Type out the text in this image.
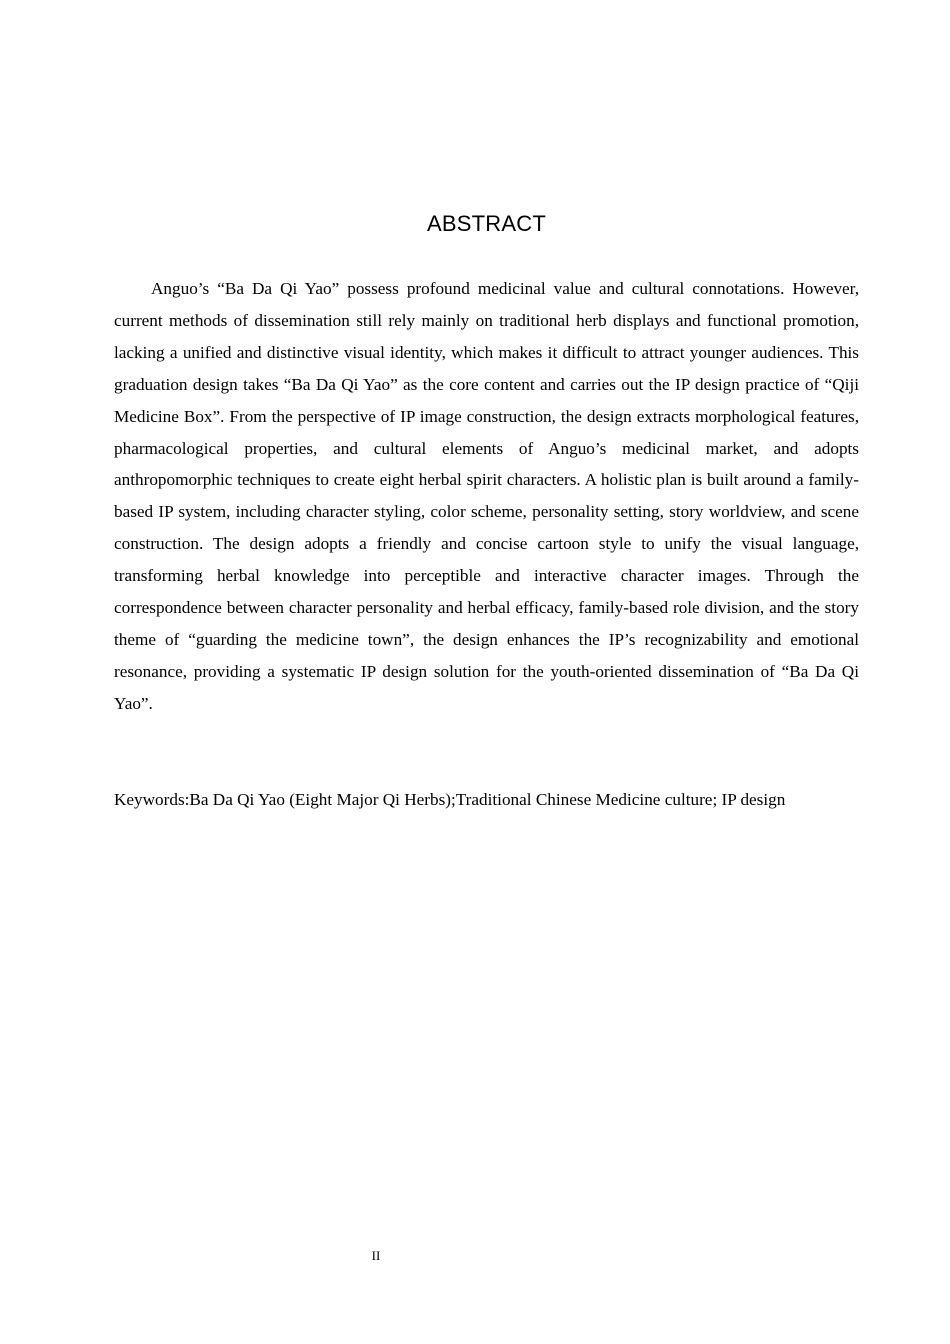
ABSTRACT

Anguo’s “Ba Da Qi Yao” possess profound medicinal value and cultural connotations. However, current methods of dissemination still rely mainly on traditional herb displays and functional promotion, lacking a unified and distinctive visual identity, which makes it difficult to attract younger audiences. This graduation design takes “Ba Da Qi Yao” as the core content and carries out the IP design practice of “Qiji Medicine Box”. From the perspective of IP image construction, the design extracts morphological features, pharmacological properties, and cultural elements of Anguo’s medicinal market, and adopts anthropomorphic techniques to create eight herbal spirit characters. A holistic plan is built around a family-based IP system, including character styling, color scheme, personality setting, story worldview, and scene construction. The design adopts a friendly and concise cartoon style to unify the visual language, transforming herbal knowledge into perceptible and interactive character images. Through the correspondence between character personality and herbal efficacy, family-based role division, and the story theme of “guarding the medicine town”, the design enhances the IP’s recognizability and emotional resonance, providing a systematic IP design solution for the youth-oriented dissemination of “Ba Da Qi Yao”.

Keywords:Ba Da Qi Yao (Eight Major Qi Herbs);Traditional Chinese Medicine culture; IP design

II
